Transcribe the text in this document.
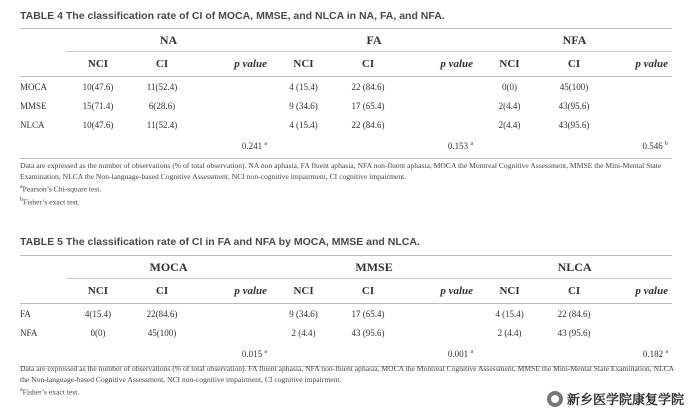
TABLE 4 The classification rate of CI of MOCA, MMSE, and NLCA in NA, FA, and NFA.
	NA			FA			NFA		
	NCI	CI	p value	NCI	CI	p value	NCI	CI	p value
MOCA	10(47.6)	11(52.4)		4 (15.4)	22 (84.6)		0(0)	45(100)	
MMSE	15(71.4)	6(28.6)		9 (34.6)	17 (65.4)		2(4.4)	43(95.6)	
NLCA	10(47.6)	11(52.4)		4 (15.4)	22 (84.6)		2(4.4)	43(95.6)	
			0.241 $^a$			0.153 $^a$			0.546 $^b$

Data are expressed as the number of observations (% of total observation). NA non aphasia, FA fluent aphasia, NFA non-fluent aphasia, MOCA the Montreal Cognitive Assessment, MMSE the Mini-Mental State Examination, NLCA the Non-language-based Cognitive Assessment, NCI non-cognitive impairment, CI cognitive impairment.

$^a$Pearson’s Chi-square test.

$^b$Fisher’s exact test.

TABLE 5 The classification rate of CI in FA and NFA by MOCA, MMSE and NLCA.
	MOCA			MMSE			NLCA		
	NCI	CI	p value	NCI	CI	p value	NCI	CI	p value
FA	4(15.4)	22(84.6)		9 (34.6)	17 (65.4)		4 (15.4)	22 (84.6)	
NFA	0(0)	45(100)		2 (4.4)	43 (95.6)		2 (4.4)	43 (95.6)	
			0.015 $^a$			0.001 $^a$			0.182 $^a$

Data are expressed as the number of observations (% of total observation). FA fluent aphasia, NFA non-fluent aphasia, MOCA the Montreal Cognitive Assessment, MMSE the Mini-Mental State Examination, NLCA the Non-language-based Cognitive Assessment, NCI non-cognitive impairment, CI cognitive impairment.

$^a$Fisher’s exact test.

新乡医学院康复学院
